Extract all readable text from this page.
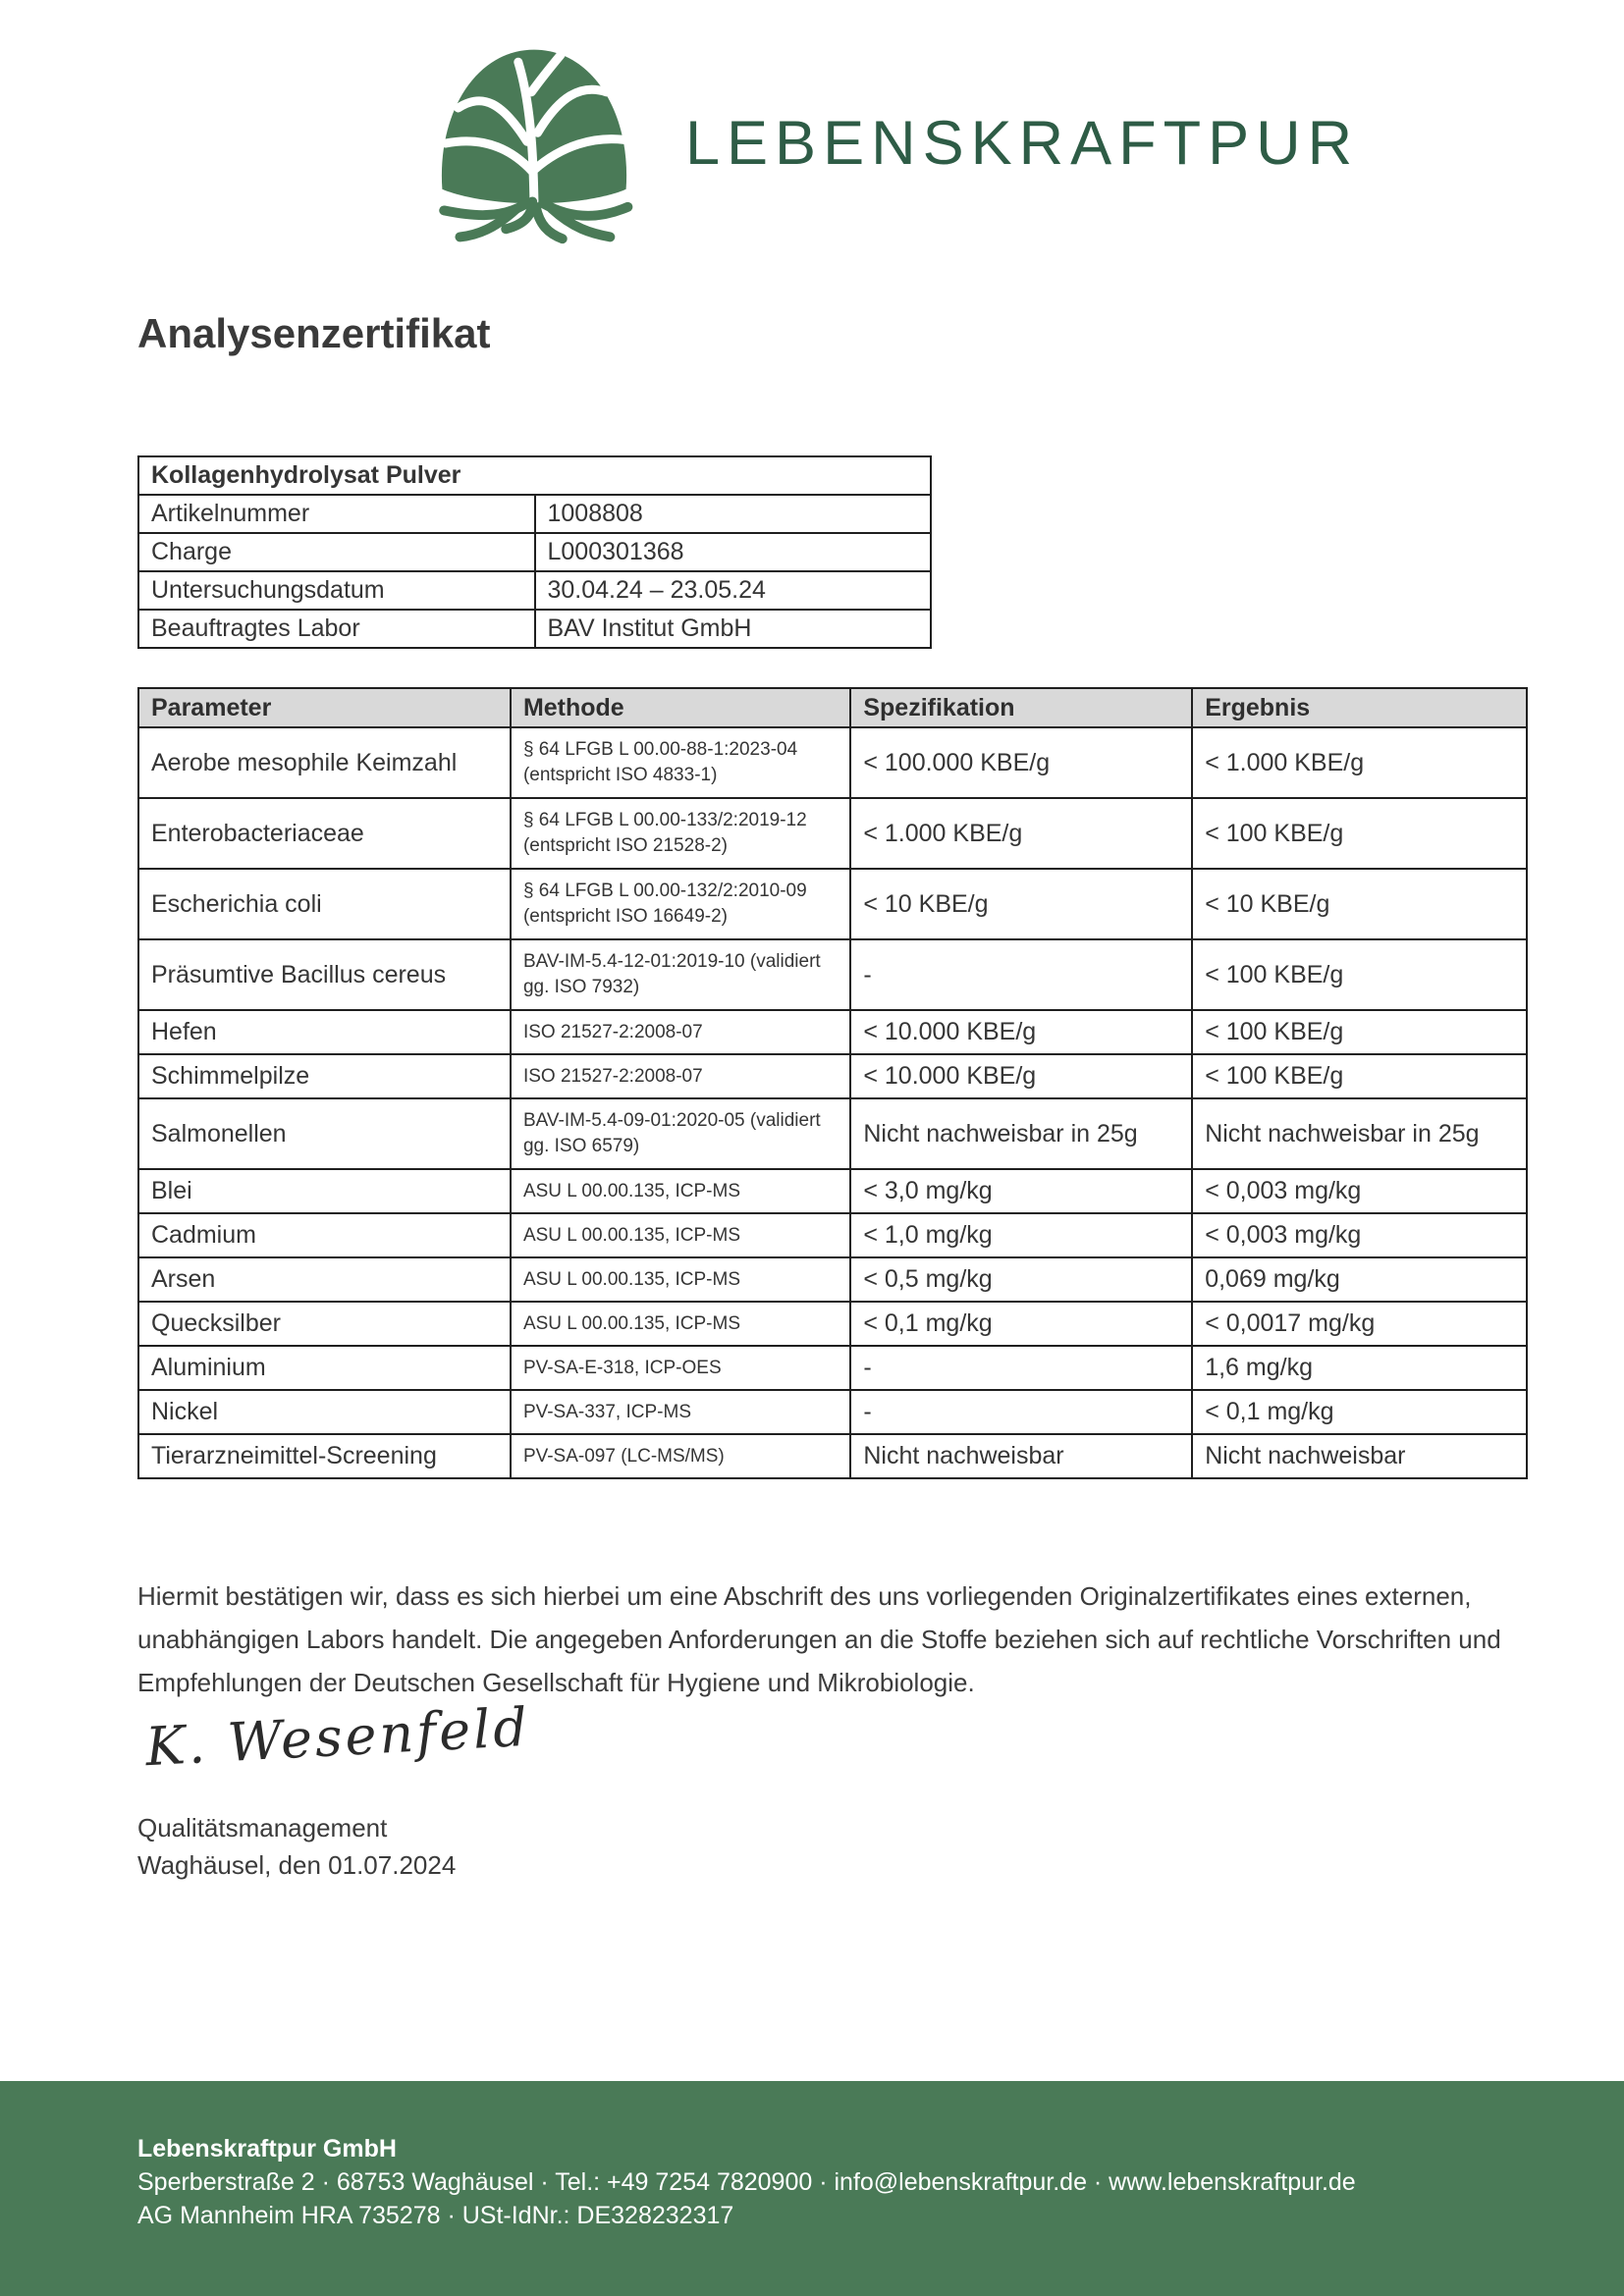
LEBENSKRAFTPUR
Analysenzertifikat
Kollagenhydrolysat Pulver	
Artikelnummer	1008808
Charge	L000301368
Untersuchungsdatum	30.04.24 – 23.05.24
Beauftragtes Labor	BAV Institut GmbH
Parameter	Methode	Spezifikation	Ergebnis
Aerobe mesophile Keimzahl	§ 64 LFGB L 00.00-88-1:2023-04 (entspricht ISO 4833-1)	< 100.000 KBE/g	< 1.000 KBE/g
Enterobacteriaceae	§ 64 LFGB L 00.00-133/2:2019-12 (entspricht ISO 21528-2)	< 1.000 KBE/g	< 100 KBE/g
Escherichia coli	§ 64 LFGB L 00.00-132/2:2010-09 (entspricht ISO 16649-2)	< 10 KBE/g	< 10 KBE/g
Präsumtive Bacillus cereus	BAV-IM-5.4-12-01:2019-10 (validiert gg. ISO 7932)	-	< 100 KBE/g
Hefen	ISO 21527-2:2008-07	< 10.000 KBE/g	< 100 KBE/g
Schimmelpilze	ISO 21527-2:2008-07	< 10.000 KBE/g	< 100 KBE/g
Salmonellen	BAV-IM-5.4-09-01:2020-05 (validiert gg. ISO 6579)	Nicht nachweisbar in 25g	Nicht nachweisbar in 25g
Blei	ASU L 00.00.135, ICP-MS	< 3,0 mg/kg	< 0,003 mg/kg
Cadmium	ASU L 00.00.135, ICP-MS	< 1,0 mg/kg	< 0,003 mg/kg
Arsen	ASU L 00.00.135, ICP-MS	< 0,5 mg/kg	0,069 mg/kg
Quecksilber	ASU L 00.00.135, ICP-MS	< 0,1 mg/kg	< 0,0017 mg/kg
Aluminium	PV-SA-E-318, ICP-OES	-	1,6 mg/kg
Nickel	PV-SA-337, ICP-MS	-	< 0,1 mg/kg
Tierarzneimittel-Screening	PV-SA-097 (LC-MS/MS)	Nicht nachweisbar	Nicht nachweisbar

Hiermit bestätigen wir, dass es sich hierbei um eine Abschrift des uns vorliegenden Originalzertifikates eines externen, unabhängigen Labors handelt. Die angegeben Anforderungen an die Stoffe beziehen sich auf rechtliche Vorschriften und Empfehlungen der Deutschen Gesellschaft für Hygiene und Mikrobiologie.

K. Wesenfeld
Qualitätsmanagement
Waghäusel, den 01.07.2024
Lebenskraftpur GmbH
Sperberstraße 2 · 68753 Waghäusel · Tel.: +49 7254 7820900 · info@lebenskraftpur.de · www.lebenskraftpur.de
AG Mannheim HRA 735278 · USt-IdNr.: DE328232317
